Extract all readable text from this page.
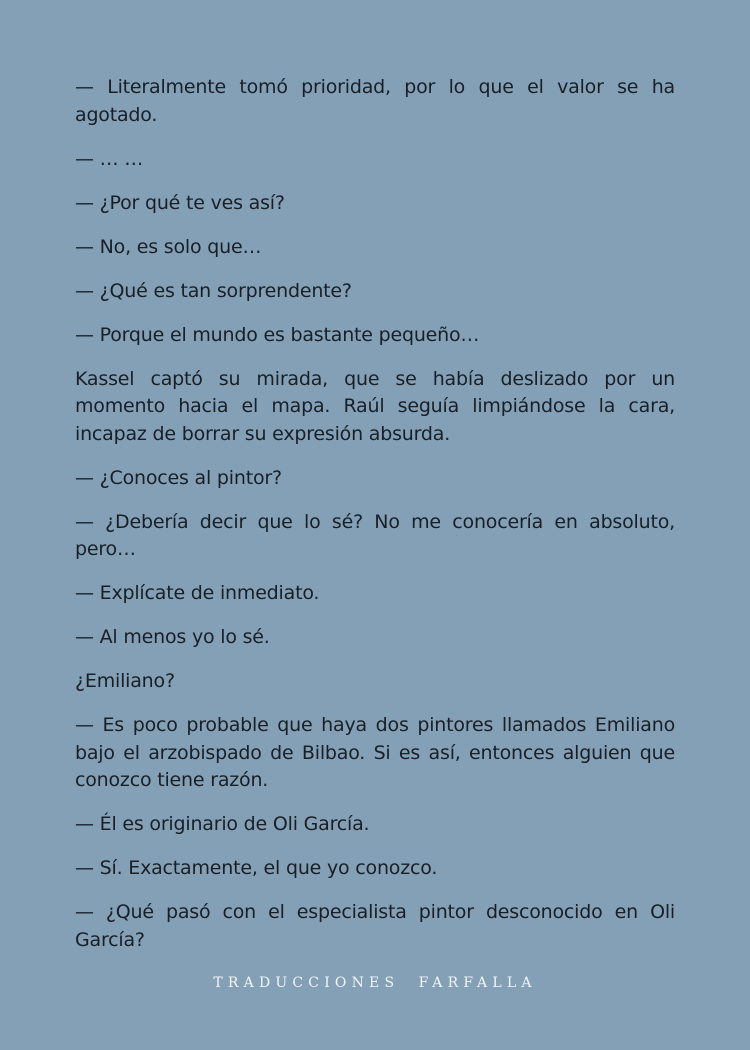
— Literalmente tomó prioridad, por lo que el valor se ha agotado.

— … …

— ¿Por qué te ves así?

— No, es solo que…

— ¿Qué es tan sorprendente?

— Porque el mundo es bastante pequeño…

Kassel captó su mirada, que se había deslizado por un momento hacia el mapa. Raúl seguía limpiándose la cara, incapaz de borrar su expresión absurda.

— ¿Conoces al pintor?

— ¿Debería decir que lo sé? No me conocería en absoluto, pero…

— Explícate de inmediato.

— Al menos yo lo sé.

¿Emiliano?

— Es poco probable que haya dos pintores llamados Emiliano bajo el arzobispado de Bilbao. Si es así, entonces alguien que conozco tiene razón.

— Él es originario de Oli García.

— Sí. Exactamente, el que yo conozco.

— ¿Qué pasó con el especialista pintor desconocido en Oli García?

TRADUCCIONES  FARFALLA
